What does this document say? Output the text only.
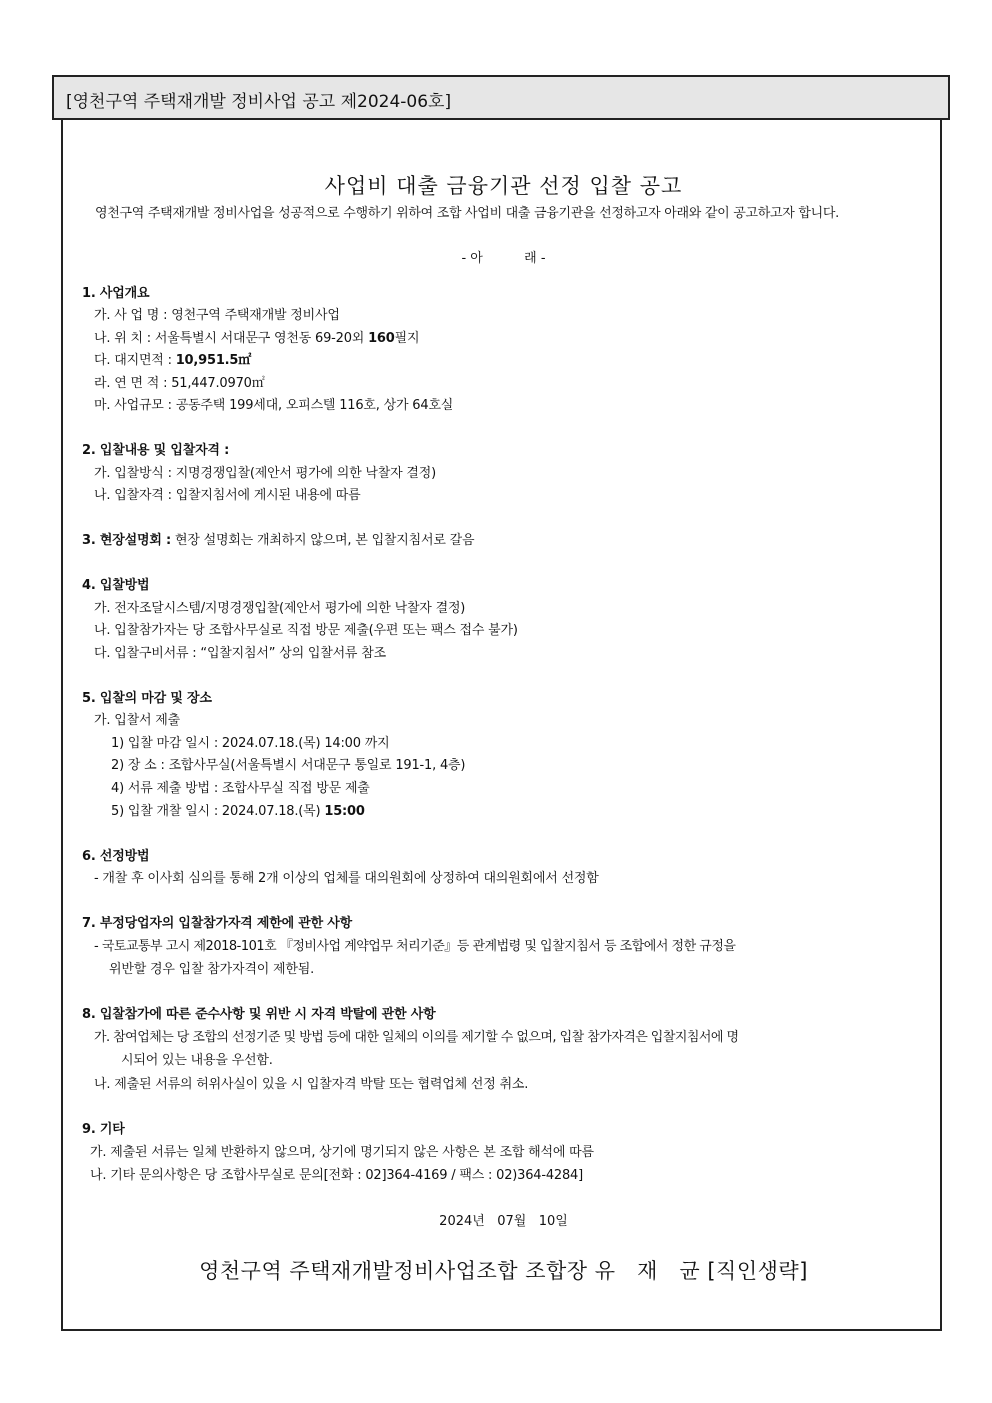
[영천구역 주택재개발 정비사업 공고 제2024-06호]
사업비 대출 금융기관 선정 입찰 공고
영천구역 주택재개발 정비사업을 성공적으로 수행하기 위하여 조합 사업비 대출 금융기관을 선정하고자 아래와 같이 공고하고자 합니다.
- 아          래 -
1. 사업개요
가. 사 업 명 : 영천구역 주택재개발 정비사업
나. 위 치 : 서울특별시 서대문구 영천동 69-20외 160필지
다. 대지면적 : 10,951.5㎡
라. 연 면 적 : 51,447.0970㎡
마. 사업규모 : 공동주택 199세대, 오피스텔 116호, 상가 64호실
2. 입찰내용 및 입찰자격 :
가. 입찰방식 : 지명경쟁입찰(제안서 평가에 의한 낙찰자 결정)
나. 입찰자격 : 입찰지침서에 게시된 내용에 따름
3. 현장설명회 : 현장 설명회는 개최하지 않으며, 본 입찰지침서로 갈음
4. 입찰방법
가. 전자조달시스템/지명경쟁입찰(제안서 평가에 의한 낙찰자 결정)
나. 입찰참가자는 당 조합사무실로 직접 방문 제출(우편 또는 팩스 접수 불가)
다. 입찰구비서류 : “입찰지침서” 상의 입찰서류 참조
5. 입찰의 마감 및 장소
가. 입찰서 제출
1) 입찰 마감 일시 : 2024.07.18.(목) 14:00 까지
2) 장 소 : 조합사무실(서울특별시 서대문구 통일로 191-1, 4층)
4) 서류 제출 방법 : 조합사무실 직접 방문 제출
5) 입찰 개찰 일시 : 2024.07.18.(목) 15:00
6. 선정방법
- 개찰 후 이사회 심의를 통해 2개 이상의 업체를 대의원회에 상정하여 대의원회에서 선정함
7. 부정당업자의 입찰참가자격 제한에 관한 사항
- 국토교통부 고시 제2018-101호 『정비사업 계약업무 처리기준』등 관계법령 및 입찰지침서 등 조합에서 정한 규정을
위반할 경우 입찰 참가자격이 제한됨.
8. 입찰참가에 따른 준수사항 및 위반 시 자격 박탈에 관한 사항
가. 참여업체는 당 조합의 선정기준 및 방법 등에 대한 일체의 이의를 제기할 수 없으며, 입찰 참가자격은 입찰지침서에 명
시되어 있는 내용을 우선함.
나. 제출된 서류의 허위사실이 있을 시 입찰자격 박탈 또는 협력업체 선정 취소.
9. 기타
가. 제출된 서류는 일체 반환하지 않으며, 상기에 명기되지 않은 사항은 본 조합 해석에 따름
나. 기타 문의사항은 당 조합사무실로 문의[전화 : 02]364-4169 / 팩스 : 02)364-4284]
2024년   07월   10일
영천구역 주택재개발정비사업조합 조합장 유   재   균 [직인생략]
